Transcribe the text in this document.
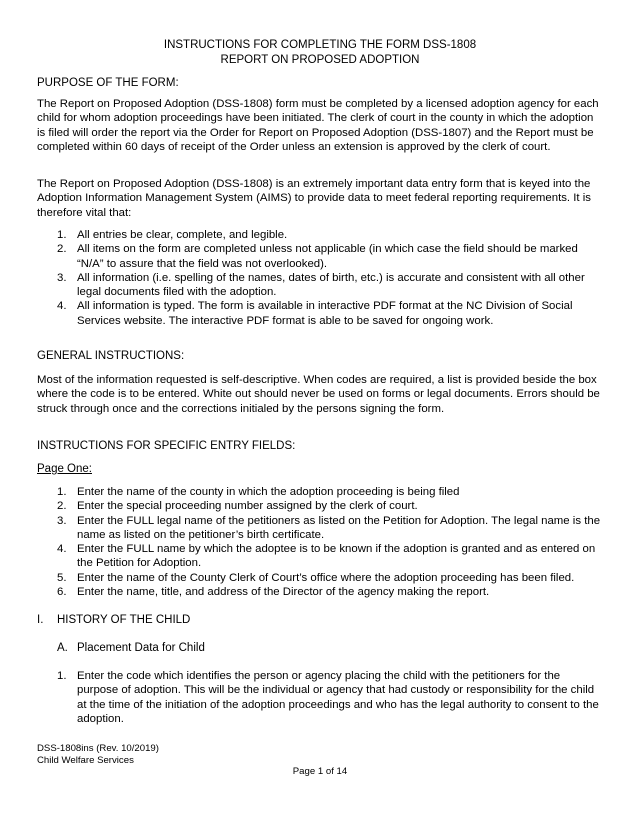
INSTRUCTIONS FOR COMPLETING THE FORM DSS-1808
REPORT ON PROPOSED ADOPTION
PURPOSE OF THE FORM:
The Report on Proposed Adoption (DSS-1808) form must be completed by a licensed adoption agency for each child for whom adoption proceedings have been initiated. The clerk of court in the county in which the adoption is filed will order the report via the Order for Report on Proposed Adoption (DSS-1807) and the Report must be completed within 60 days of receipt of the Order unless an extension is approved by the clerk of court.
The Report on Proposed Adoption (DSS-1808) is an extremely important data entry form that is keyed into the Adoption Information Management System (AIMS) to provide data to meet federal reporting requirements. It is therefore vital that:
1. All entries be clear, complete, and legible.
2. All items on the form are completed unless not applicable (in which case the field should be marked “N/A” to assure that the field was not overlooked).
3. All information (i.e. spelling of the names, dates of birth, etc.) is accurate and consistent with all other legal documents filed with the adoption.
4. All information is typed. The form is available in interactive PDF format at the NC Division of Social Services website. The interactive PDF format is able to be saved for ongoing work.
GENERAL INSTRUCTIONS:
Most of the information requested is self-descriptive. When codes are required, a list is provided beside the box where the code is to be entered. White out should never be used on forms or legal documents. Errors should be struck through once and the corrections initialed by the persons signing the form.
INSTRUCTIONS FOR SPECIFIC ENTRY FIELDS:
Page One:
1. Enter the name of the county in which the adoption proceeding is being filed
2. Enter the special proceeding number assigned by the clerk of court.
3. Enter the FULL legal name of the petitioners as listed on the Petition for Adoption. The legal name is the name as listed on the petitioner’s birth certificate.
4. Enter the FULL name by which the adoptee is to be known if the adoption is granted and as entered on the Petition for Adoption.
5. Enter the name of the County Clerk of Court’s office where the adoption proceeding has been filed.
6. Enter the name, title, and address of the Director of the agency making the report.
I. HISTORY OF THE CHILD
A. Placement Data for Child
1. Enter the code which identifies the person or agency placing the child with the petitioners for the purpose of adoption. This will be the individual or agency that had custody or responsibility for the child at the time of the initiation of the adoption proceedings and who has the legal authority to consent to the adoption.
DSS-1808ins (Rev. 10/2019)
Child Welfare Services
Page 1 of 14
